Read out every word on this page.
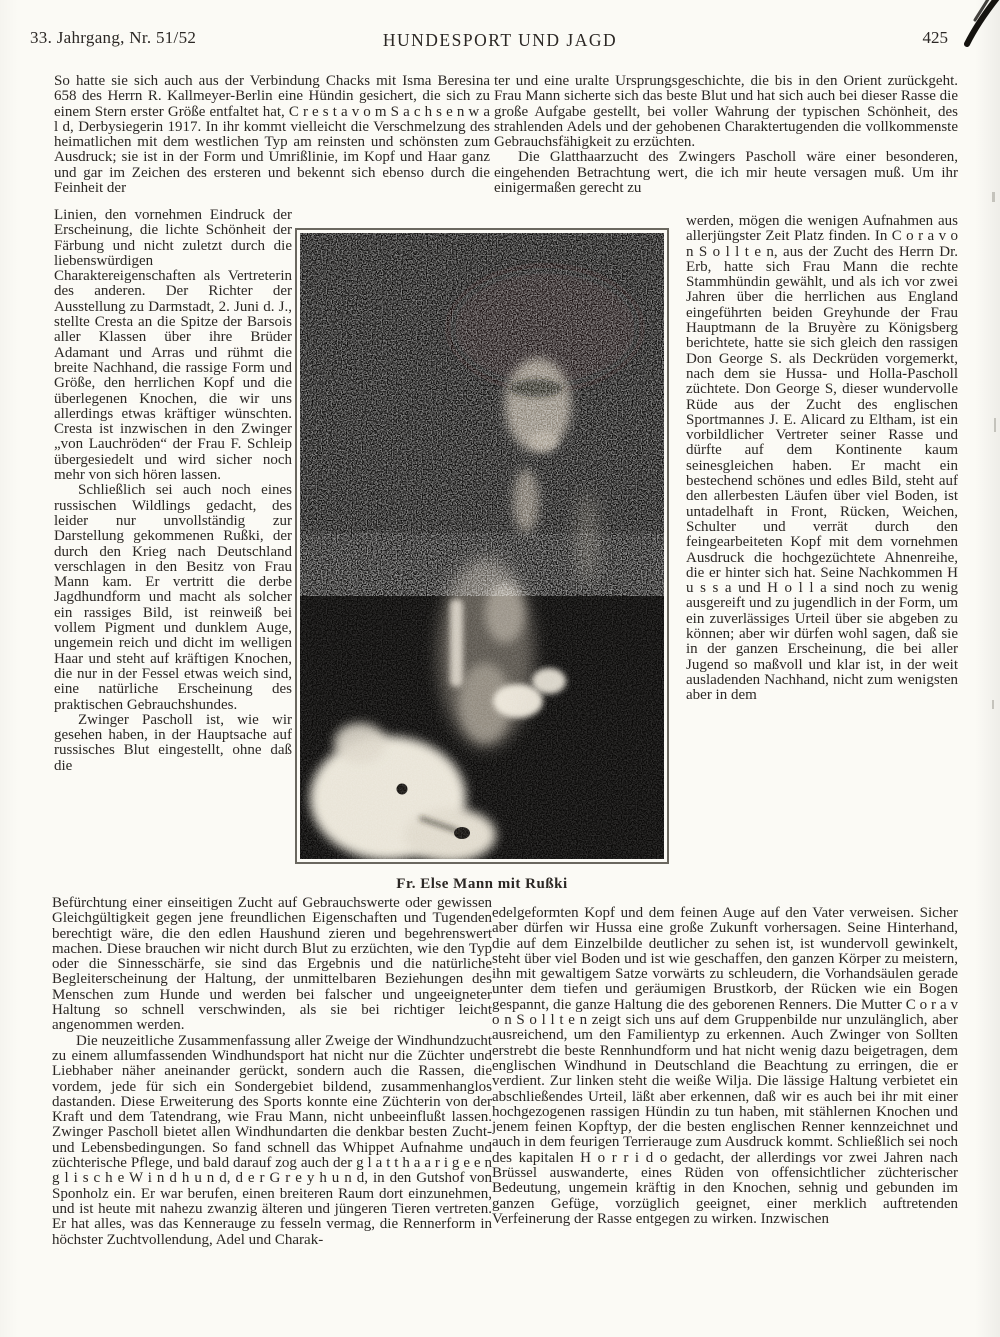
33. Jahrgang, Nr. 51/52	HUNDESPORT UND JAGD	425

So hatte sie sich auch aus der Verbindung Chacks mit Isma Beresina 658 des Herrn R. Kallmeyer-Berlin eine Hündin gesichert, die sich zu einem Stern erster Größe entfaltet hat, C r e s t a v o m S a c h s e n w a l d, Derbysiegerin 1917. In ihr kommt vielleicht die Verschmelzung des heimatlichen mit dem westlichen Typ am reinsten und schönsten zum Ausdruck; sie ist in der Form und Umrißlinie, im Kopf und Haar ganz und gar im Zeichen des ersteren und bekennt sich ebenso durch die Feinheit der

Linien, den vornehmen Eindruck der Erscheinung, die lichte Schönheit der Färbung und nicht zuletzt durch die liebenswürdigen Charaktereigenschaften als Vertreterin des anderen. Der Richter der Ausstellung zu Darmstadt, 2. Juni d. J., stellte Cresta an die Spitze der Barsois aller Klassen über ihre Brüder Adamant und Arras und rühmt die breite Nachhand, die rassige Form und Größe, den herrlichen Kopf und die überlegenen Knochen, die wir uns allerdings etwas kräftiger wünschten. Cresta ist inzwischen in den Zwinger „von Lauchröden“ der Frau F. Schleip übergesiedelt und wird sicher noch mehr von sich hören lassen.

Schließlich sei auch noch eines russischen Wildlings gedacht, des leider nur unvollständig zur Darstellung gekommenen Rußki, der durch den Krieg nach Deutschland verschlagen in den Besitz von Frau Mann kam. Er vertritt die derbe Jagdhundform und macht als solcher ein rassiges Bild, ist reinweiß bei vollem Pigment und dunklem Auge, ungemein reich und dicht im welligen Haar und steht auf kräftigen Knochen, die nur in der Fessel etwas weich sind, eine natürliche Erscheinung des praktischen Gebrauchshundes.

Zwinger Pascholl ist, wie wir gesehen haben, in der Hauptsache auf russisches Blut eingestellt, ohne daß die

Befürchtung einer einseitigen Zucht auf Gebrauchswerte oder gewissen Gleichgültigkeit gegen jene freundlichen Eigenschaften und Tugenden berechtigt wäre, die den edlen Haushund zieren und begehrenswert machen. Diese brauchen wir nicht durch Blut zu erzüchten, wie den Typ oder die Sinnesschärfe, sie sind das Ergebnis und die natürliche Begleiterscheinung der Haltung, der unmittelbaren Beziehungen des Menschen zum Hunde und werden bei falscher und ungeeigneter Haltung so schnell verschwinden, als sie bei richtiger leicht angenommen werden.

Die neuzeitliche Zusammenfassung aller Zweige der Windhundzucht zu einem allumfassenden Windhundsport hat nicht nur die Züchter und Liebhaber näher aneinander gerückt, sondern auch die Rassen, die vordem, jede für sich ein Sondergebiet bildend, zusammenhanglos dastanden. Diese Erweiterung des Sports konnte eine Züchterin von der Kraft und dem Tatendrang, wie Frau Mann, nicht unbeeinflußt lassen. Zwinger Pascholl bietet allen Windhundarten die denkbar besten Zucht- und Lebensbedingungen. So fand schnell das Whippet Aufnahme und züchterische Pflege, und bald darauf zog auch der g l a t t h a a r i g e e n g l i s c h e W i n d h u n d, d e r G r e y h u n d, in den Gutshof von Sponholz ein. Er war berufen, einen breiteren Raum dort einzunehmen, und ist heute mit nahezu zwanzig älteren und jüngeren Tieren vertreten. Er hat alles, was das Kennerauge zu fesseln vermag, die Rennerform in höchster Zuchtvollendung, Adel und Charak-

ter und eine uralte Ursprungsgeschichte, die bis in den Orient zurückgeht. Frau Mann sicherte sich das beste Blut und hat sich auch bei dieser Rasse die große Aufgabe gestellt, bei voller Wahrung der typischen Schönheit, des strahlenden Adels und der gehobenen Charaktertugenden die vollkommenste Gebrauchsfähigkeit zu erzüchten.

Die Glatthaarzucht des Zwingers Pascholl wäre einer besonderen, eingehenden Betrachtung wert, die ich mir heute versagen muß. Um ihr einigermaßen gerecht zu

werden, mögen die wenigen Aufnahmen aus allerjüngster Zeit Platz finden. In C o r a v o n S o l l t e n, aus der Zucht des Herrn Dr. Erb, hatte sich Frau Mann die rechte Stammhündin gewählt, und als ich vor zwei Jahren über die herrlichen aus England eingeführten beiden Greyhunde der Frau Hauptmann de la Bruyère zu Königsberg berichtete, hatte sie sich gleich den rassigen Don George S. als Deckrüden vorgemerkt, nach dem sie Hussa- und Holla-Pascholl züchtete. Don George S, dieser wundervolle Rüde aus der Zucht des englischen Sportmannes J. E. Alicard zu Eltham, ist ein vorbildlicher Vertreter seiner Rasse und dürfte auf dem Kontinente kaum seinesgleichen haben. Er macht ein bestechend schönes und edles Bild, steht auf den allerbesten Läufen über viel Boden, ist untadelhaft in Front, Rücken, Weichen, Schulter und verrät durch den feingearbeiteten Kopf mit dem vornehmen Ausdruck die hochgezüchtete Ahnenreihe, die er hinter sich hat. Seine Nachkommen H u s s a und H o l l a sind noch zu wenig ausgereift und zu jugendlich in der Form, um ein zuverlässiges Urteil über sie abgeben zu können; aber wir dürfen wohl sagen, daß sie in der ganzen Erscheinung, die bei aller Jugend so maßvoll und klar ist, in der weit ausladenden Nachhand, nicht zum wenigsten aber in dem

edelgeformten Kopf und dem feinen Auge auf den Vater verweisen. Sicher aber dürfen wir Hussa eine große Zukunft vorhersagen. Seine Hinterhand, die auf dem Einzelbilde deutlicher zu sehen ist, ist wundervoll gewinkelt, steht über viel Boden und ist wie geschaffen, den ganzen Körper zu meistern, ihn mit gewaltigem Satze vorwärts zu schleudern, die Vorhandsäulen gerade unter dem tiefen und geräumigen Brustkorb, der Rücken wie ein Bogen gespannt, die ganze Haltung die des geborenen Renners. Die Mutter C o r a v o n S o l l t e n zeigt sich uns auf dem Gruppenbilde nur unzulänglich, aber ausreichend, um den Familientyp zu erkennen. Auch Zwinger von Sollten erstrebt die beste Rennhundform und hat nicht wenig dazu beigetragen, dem englischen Windhund in Deutschland die Beachtung zu erringen, die er verdient. Zur linken steht die weiße Wilja. Die lässige Haltung verbietet ein abschließendes Urteil, läßt aber erkennen, daß wir es auch bei ihr mit einer hochgezogenen rassigen Hündin zu tun haben, mit stählernen Knochen und jenem feinen Kopftyp, der die besten englischen Renner kennzeichnet und auch in dem feurigen Terrierauge zum Ausdruck kommt. Schließlich sei noch des kapitalen H o r r i d o gedacht, der allerdings vor zwei Jahren nach Brüssel auswanderte, eines Rüden von offensichtlicher züchterischer Bedeutung, ungemein kräftig in den Knochen, sehnig und gebunden im ganzen Gefüge, vorzüglich geeignet, einer merklich auftretenden Verfeinerung der Rasse entgegen zu wirken. Inzwischen

Fr. Else Mann mit Rußki
